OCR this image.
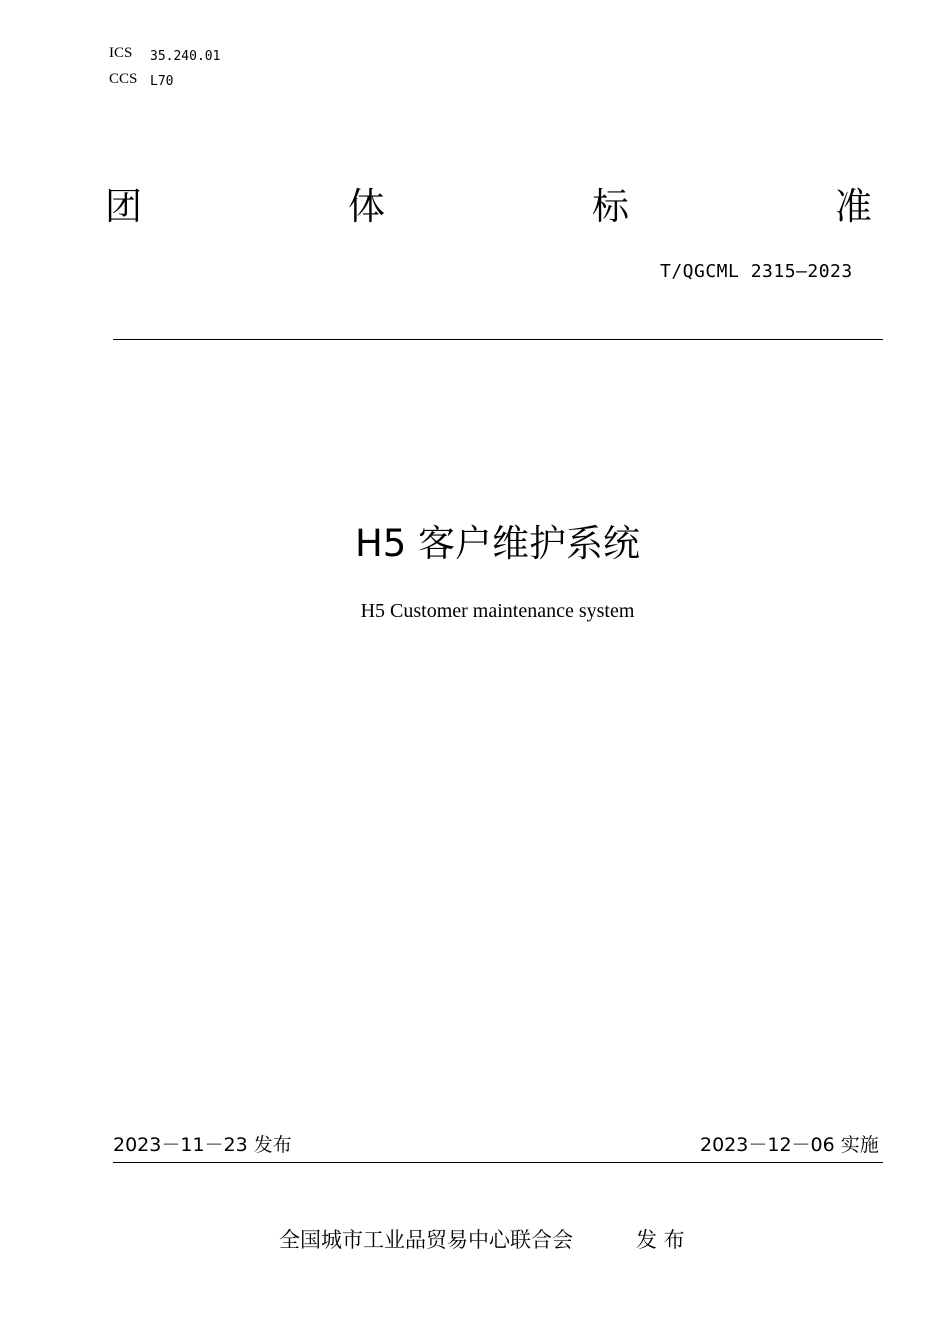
ICS 35.240.01
CCS L70
团	体	标	准
T/QGCML 2315—2023
H5 客户维护系统
H5 Customer maintenance system
2023－11－23 发布	2023－12－06 实施
全国城市工业品贸易中心联合会	发 布
